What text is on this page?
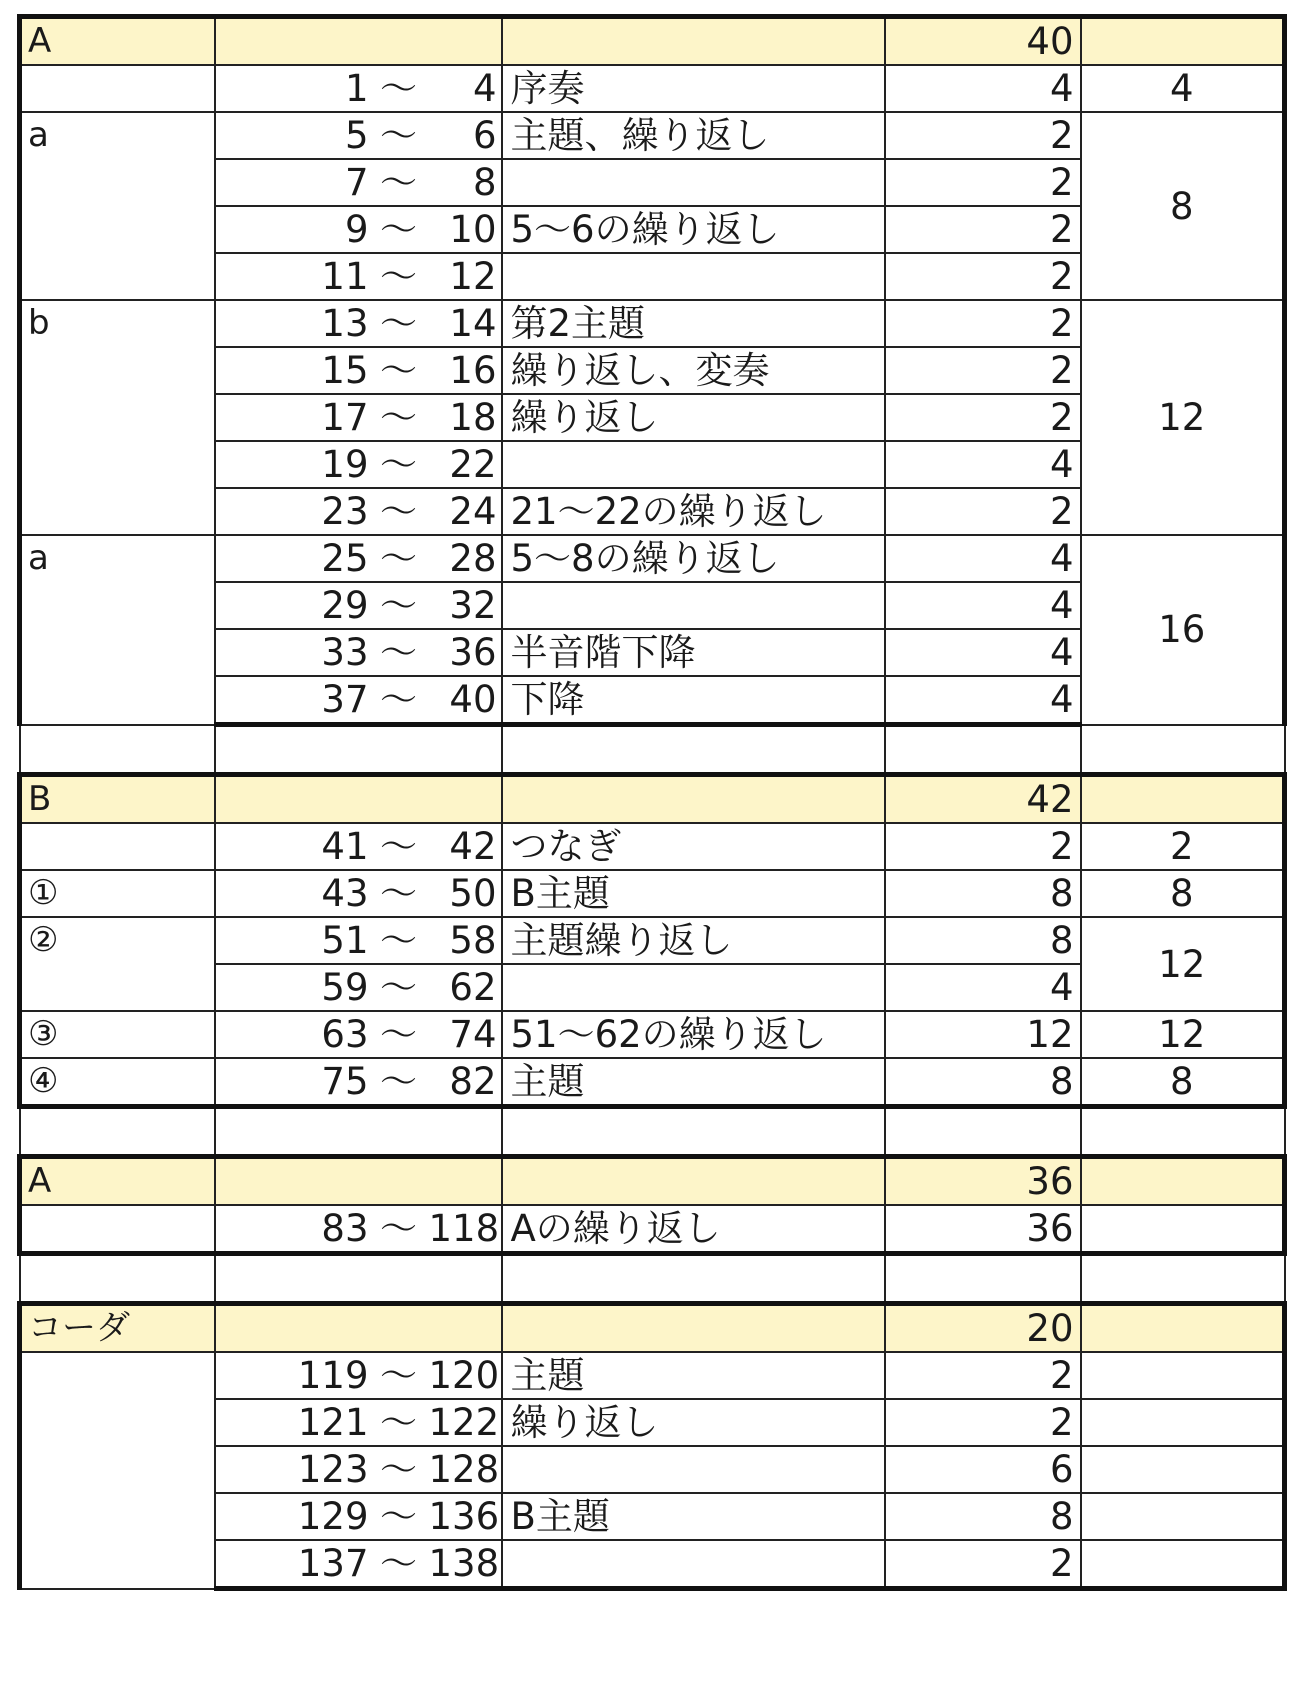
A			40	
	1 〜 4	序奏	4	4
a	5 〜 6	主題、繰り返し	2	8
	7 〜 8		2	
	9 〜 10	5〜6の繰り返し	2	
	11 〜 12		2	
b	13 〜 14	第2主題	2	12
	15 〜 16	繰り返し、変奏	2	
	17 〜 18	繰り返し	2	
	19 〜 22		4	
	23 〜 24	21〜22の繰り返し	2	
a	25 〜 28	5〜8の繰り返し	4	16
	29 〜 32		4	
	33 〜 36	半音階下降	4	
	37 〜 40	下降	4	

B			42	
	41 〜 42	つなぎ	2	2
①	43 〜 50	B主題	8	8
②	51 〜 58	主題繰り返し	8	12
	59 〜 62		4	
③	63 〜 74	51〜62の繰り返し	12	12
④	75 〜 82	主題	8	8

A			36	
	83 〜 118	Aの繰り返し	36	

コーダ			20	
	119 〜 120	主題	2	
	121 〜 122	繰り返し	2	
	123 〜 128		6	
	129 〜 136	B主題	8	
	137 〜 138		2	
